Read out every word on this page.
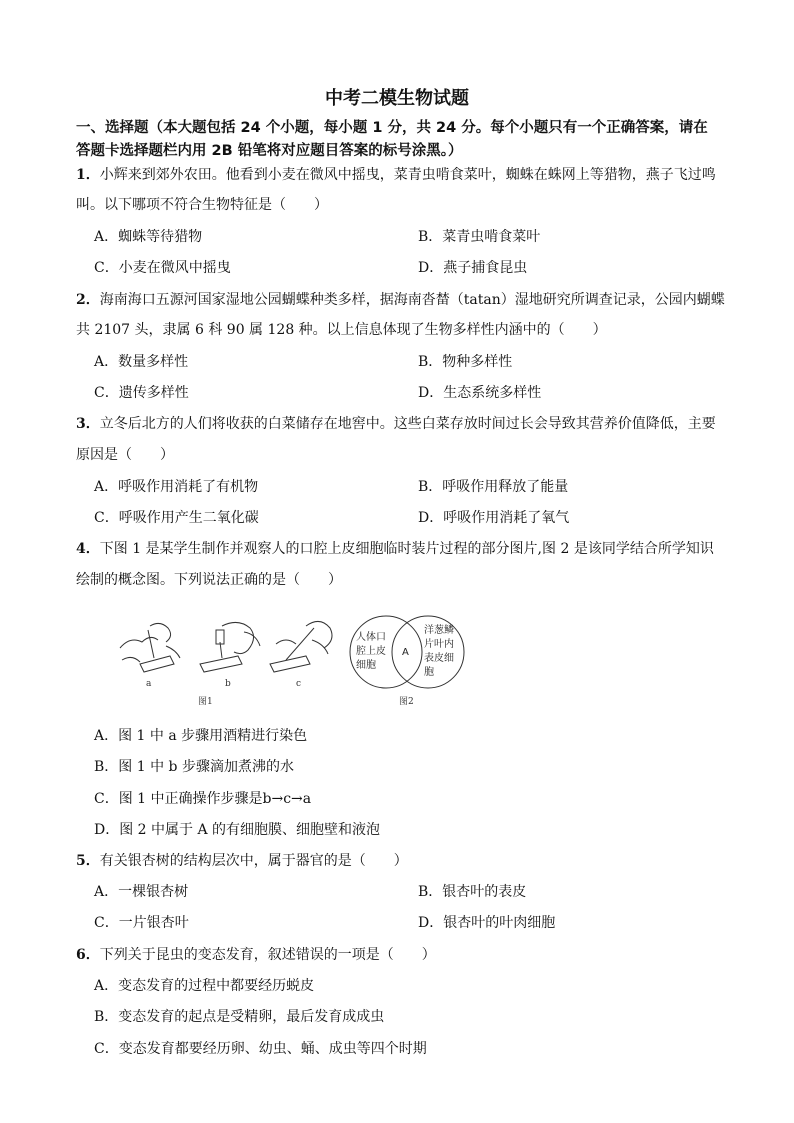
中考二模生物试题
一、选择题（本大题包括 24 个小题，每小题 1 分，共 24 分。每个小题只有一个正确答案，请在
答题卡选择题栏内用 2B 铅笔将对应题目答案的标号涂黑。）
1．小辉来到郊外农田。他看到小麦在微风中摇曳，菜青虫啃食菜叶，蜘蛛在蛛网上等猎物，燕子飞过鸣
叫。以下哪项不符合生物特征是（　　）
A．蜘蛛等待猎物	B．菜青虫啃食菜叶
C．小麦在微风中摇曳	D．燕子捕食昆虫
2．海南海口五源河国家湿地公园蝴蝶种类多样，据海南沓榃（tatan）湿地研究所调查记录，公园内蝴蝶
共 2107 头，隶属 6 科 90 属 128 种。以上信息体现了生物多样性内涵中的（　　）
A．数量多样性	B．物种多样性
C．遗传多样性	D．生态系统多样性
3．立冬后北方的人们将收获的白菜储存在地窖中。这些白菜存放时间过长会导致其营养价值降低，主要
原因是（　　）
A．呼吸作用消耗了有机物	B．呼吸作用释放了能量
C．呼吸作用产生二氧化碳	D．呼吸作用消耗了氧气
4．下图 1 是某学生制作并观察人的口腔上皮细胞临时装片过程的部分图片,图 2 是该同学结合所学知识
绘制的概念图。下列说法正确的是（　　）
a	b	c
图1
人体口
腔上皮
细胞
A
洋葱鳞
片叶内
表皮细
胞
图2
A．图 1 中 a 步骤用酒精进行染色
B．图 1 中 b 步骤滴加煮沸的水
C．图 1 中正确操作步骤是b→c→a
D．图 2 中属于 A 的有细胞膜、细胞壁和液泡
5．有关银杏树的结构层次中，属于器官的是（　　）
A．一棵银杏树	B．银杏叶的表皮
C．一片银杏叶	D．银杏叶的叶肉细胞
6．下列关于昆虫的变态发育，叙述错误的一项是（　　）
A．变态发育的过程中都要经历蜕皮
B．变态发育的起点是受精卵，最后发育成成虫
C．变态发育都要经历卵、幼虫、蛹、成虫等四个时期
